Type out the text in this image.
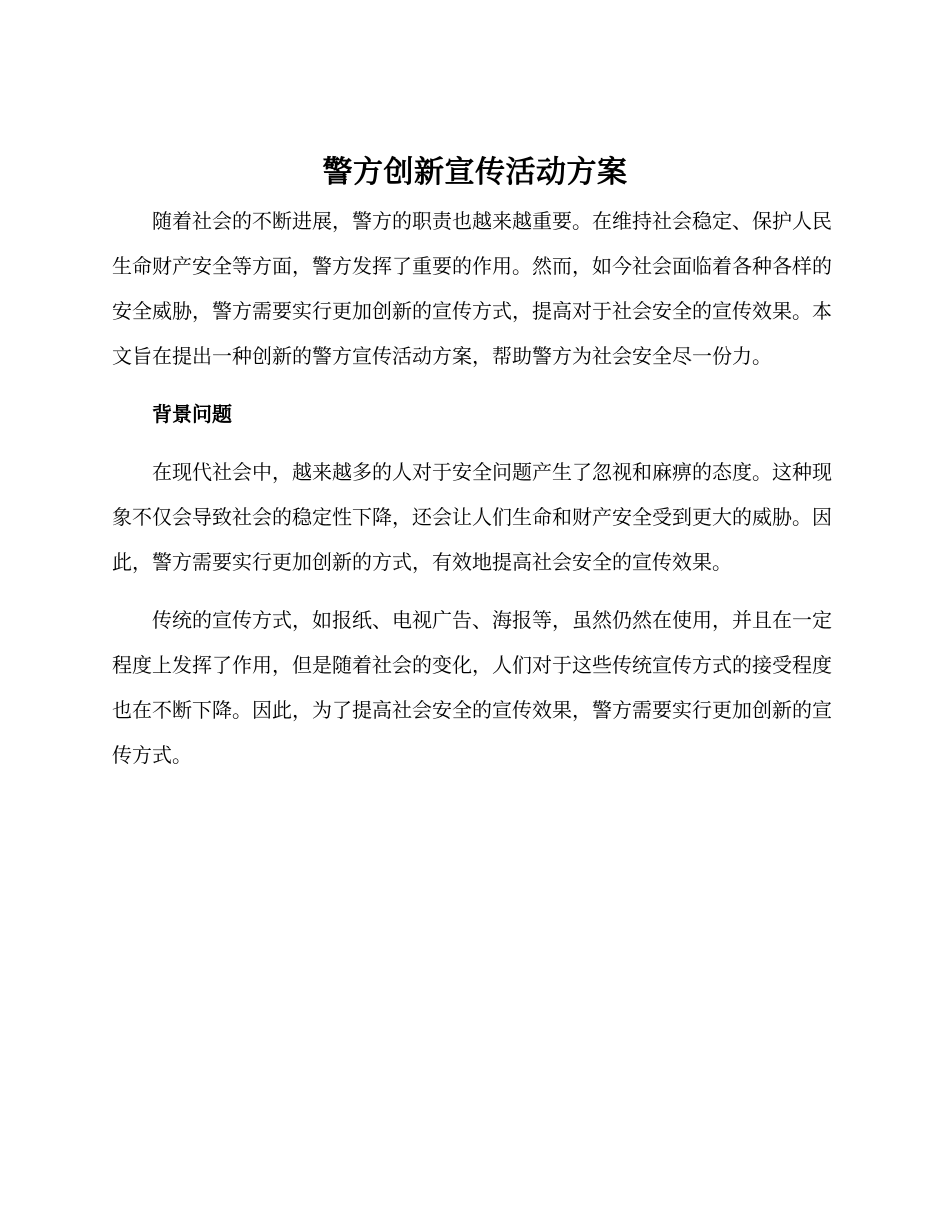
警方创新宣传活动方案

随着社会的不断进展，警方的职责也越来越重要。在维持社会稳定、保护人民生命财产安全等方面，警方发挥了重要的作用。然而，如今社会面临着各种各样的安全威胁，警方需要实行更加创新的宣传方式，提高对于社会安全的宣传效果。本文旨在提出一种创新的警方宣传活动方案，帮助警方为社会安全尽一份力。

背景问题

在现代社会中，越来越多的人对于安全问题产生了忽视和麻痹的态度。这种现象不仅会导致社会的稳定性下降，还会让人们生命和财产安全受到更大的威胁。因此，警方需要实行更加创新的方式，有效地提高社会安全的宣传效果。

传统的宣传方式，如报纸、电视广告、海报等，虽然仍然在使用，并且在一定程度上发挥了作用，但是随着社会的变化，人们对于这些传统宣传方式的接受程度也在不断下降。因此，为了提高社会安全的宣传效果，警方需要实行更加创新的宣传方式。
